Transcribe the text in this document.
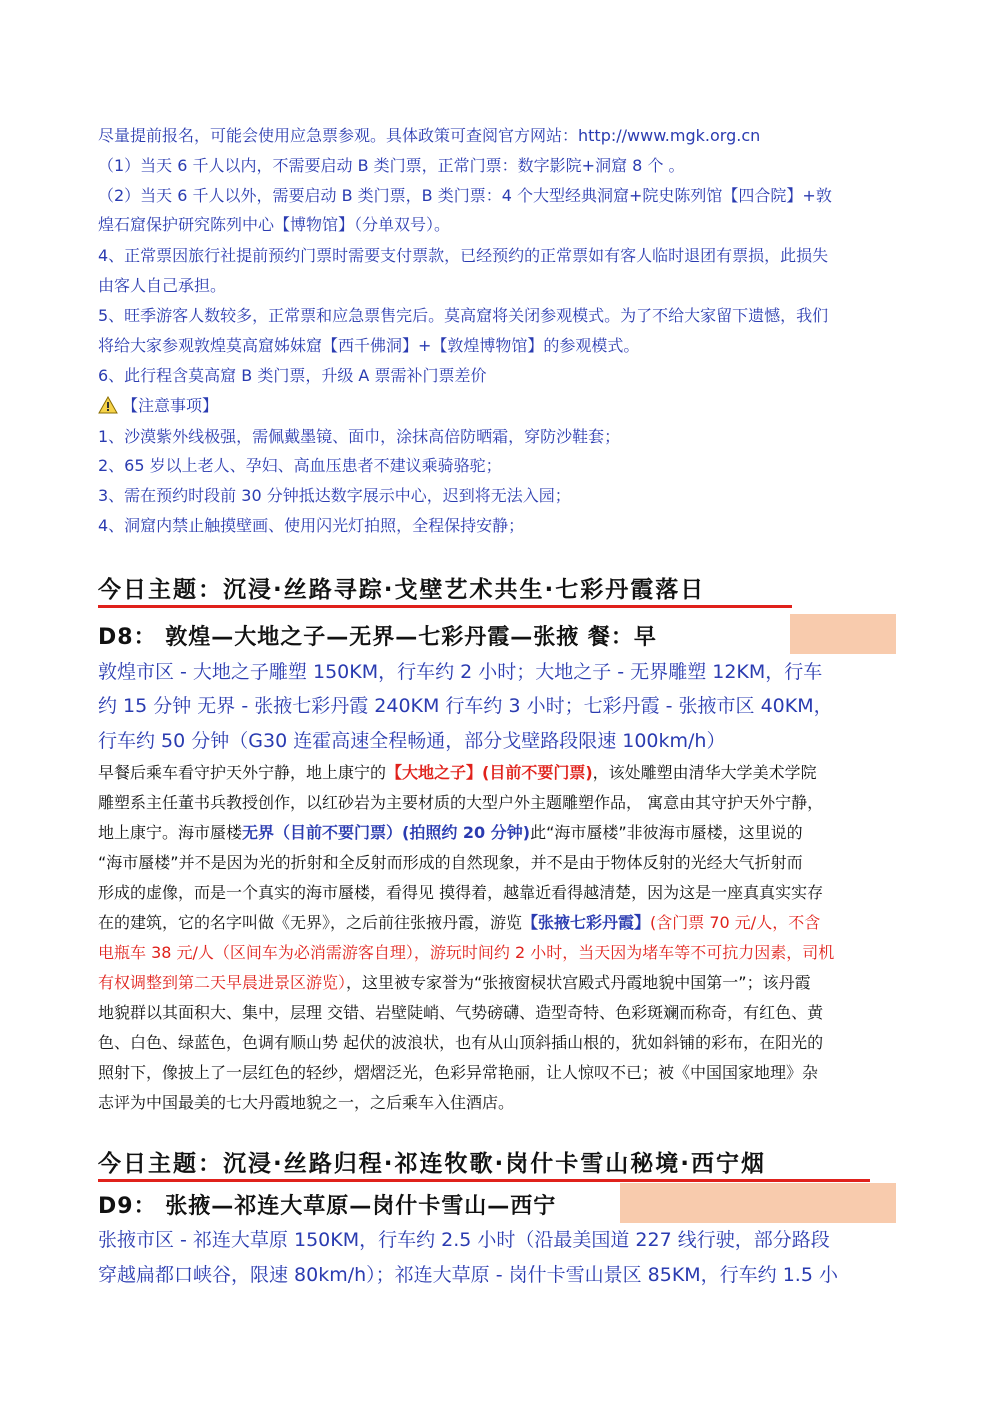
尽量提前报名，可能会使用应急票参观。具体政策可查阅官方网站：http://www.mgk.org.cn
（1）当天 6 千人以内，不需要启动 B 类门票，正常门票：数字影院+洞窟 8 个 。
（2）当天 6 千人以外，需要启动 B 类门票，B 类门票：4 个大型经典洞窟+院史陈列馆【四合院】+敦
煌石窟保护研究陈列中心【博物馆】（分单双号）。
4、正常票因旅行社提前预约门票时需要支付票款，已经预约的正常票如有客人临时退团有票损，此损失
由客人自己承担。
5、旺季游客人数较多，正常票和应急票售完后。莫高窟将关闭参观模式。为了不给大家留下遗憾，我们
将给大家参观敦煌莫高窟姊妹窟【西千佛洞】+【敦煌博物馆】的参观模式。
6、此行程含莫高窟 B 类门票，升级 A 票需补门票差价
【注意事项】
1、沙漠紫外线极强，需佩戴墨镜、面巾，涂抹高倍防晒霜，穿防沙鞋套；
2、65 岁以上老人、孕妇、高血压患者不建议乘骑骆驼；
3、需在预约时段前 30 分钟抵达数字展示中心，迟到将无法入园；
4、洞窟内禁止触摸壁画、使用闪光灯拍照，全程保持安静；
今日主题：沉浸·丝路寻踪·戈壁艺术共生·七彩丹霞落日
D8： 敦煌—大地之子—无界—七彩丹霞—张掖 餐：早
敦煌市区 - 大地之子雕塑 150KM，行车约 2 小时；大地之子 - 无界雕塑 12KM，行车
约 15 分钟 无界 - 张掖七彩丹霞 240KM 行车约 3 小时；七彩丹霞 - 张掖市区 40KM，
行车约 50 分钟（G30 连霍高速全程畅通，部分戈壁路段限速 100km/h）
早餐后乘车看守护天外宁静，地上康宁的【大地之子】(目前不要门票)，该处雕塑由清华大学美术学院
雕塑系主任董书兵教授创作，以红砂岩为主要材质的大型户外主题雕塑作品， 寓意由其守护天外宁静，
地上康宁。海市蜃楼无界（目前不要门票）(拍照约 20 分钟)此“海市蜃楼”非彼海市蜃楼，这里说的
“海市蜃楼”并不是因为光的折射和全反射而形成的自然现象，并不是由于物体反射的光经大气折射而
形成的虚像，而是一个真实的海市蜃楼，看得见 摸得着，越靠近看得越清楚，因为这是一座真真实实存
在的建筑，它的名字叫做《无界》，之后前往张掖丹霞，游览【张掖七彩丹霞】(含门票 70 元/人，不含
电瓶车 38 元/人（区间车为必消需游客自理），游玩时间约 2 小时，当天因为堵车等不可抗力因素，司机
有权调整到第二天早晨进景区游览），这里被专家誉为“张掖窗棂状宫殿式丹霞地貌中国第一”；该丹霞
地貌群以其面积大、集中，层理 交错、岩壁陡峭、气势磅礴、造型奇特、色彩斑斓而称奇，有红色、黄
色、白色、绿蓝色，色调有顺山势 起伏的波浪状，也有从山顶斜插山根的，犹如斜铺的彩布，在阳光的
照射下，像披上了一层红色的轻纱，熠熠泛光，色彩异常艳丽，让人惊叹不已；被《中国国家地理》杂
志评为中国最美的七大丹霞地貌之一，之后乘车入住酒店。
今日主题：沉浸·丝路归程·祁连牧歌·岗什卡雪山秘境·西宁烟
D9： 张掖—祁连大草原—岗什卡雪山—西宁
张掖市区 - 祁连大草原 150KM，行车约 2.5 小时（沿最美国道 227 线行驶，部分路段
穿越扁都口峡谷，限速 80km/h）；祁连大草原 - 岗什卡雪山景区 85KM，行车约 1.5 小
